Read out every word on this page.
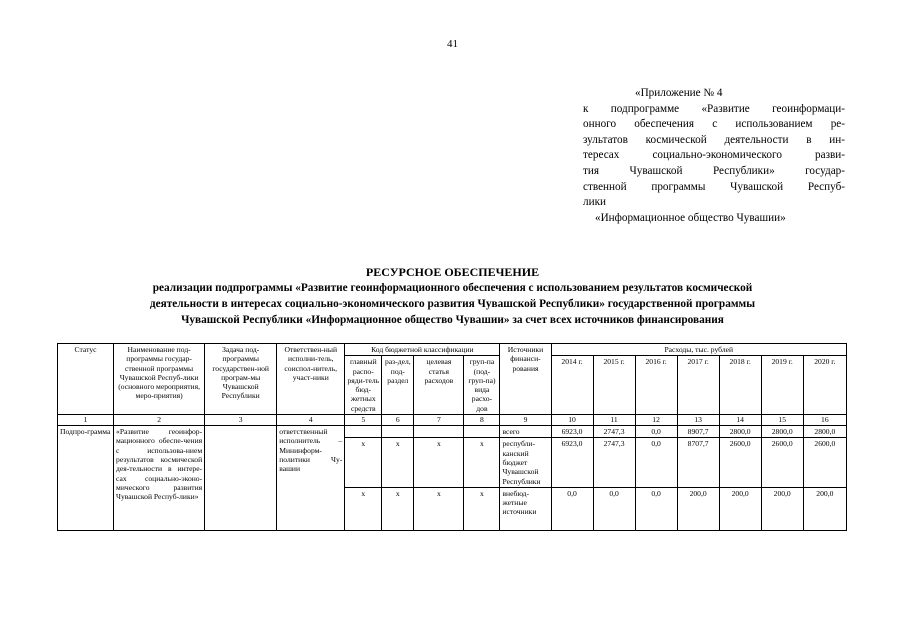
41
«Приложение № 4
к подпрограмме «Развитие геоинформаци-
онного обеспечения с использованием ре-
зультатов космической деятельности в ин-
тересах социально-экономического разви-
тия Чувашской Республики» государ-
ственной программы Чувашской Респуб-
лики
«Информационное общество Чувашии»
РЕСУРСНОЕ ОБЕСПЕЧЕНИЕ
реализации подпрограммы «Развитие геоинформационного обеспечения с использованием результатов космической
деятельности в интересах социально-экономического развития Чувашской Республики» государственной программы
Чувашской Республики «Информационное общество Чувашии» за счет всех источников финансирования
Статус	Наименование под-программы государ-ственной программы Чувашской Респуб-лики (основного мероприятия, меро-приятия)	Задача под-программы государствен-ной програм-мы Чувашской Республики	Ответствен-ный исполни-тель, соиспол-нитель, участ-ники	Код бюджетной классификации				Источники финанси-рования	Расходы, тыс. рублей						
				главный распо-ряди-тель бюд-жетных средств	раз-дел, под-раздел	целевая статья расходов	груп-па (под-груп-па) вида расхо-дов		2014 г.	2015 г.	2016 г.	2017 г.	2018 г.	2019 г.	2020 г.
1	2	3	4	5	6	7	8	9	10	11	12	13	14	15	16
Подпро-грамма	«Развитие геоинфор-мационного обеспе-чения с использова-нием результатов космической дея-тельности в интере-сах социально-эконо-мического развития Чувашской Респуб-лики»		ответственный исполнитель – Мининформ-политики Чу-вашии					всего	6923,0	2747,3	0,0	8907,7	2800,0	2800,0	2800,0
				х	х	х	х	республи-канский бюджет Чувашской Республики	6923,0	2747,3	0,0	8707,7	2600,0	2600,0	2600,0
				х	х	х	х	внебюд-жетные источники	0,0	0,0	0,0	200,0	200,0	200,0	200,0
